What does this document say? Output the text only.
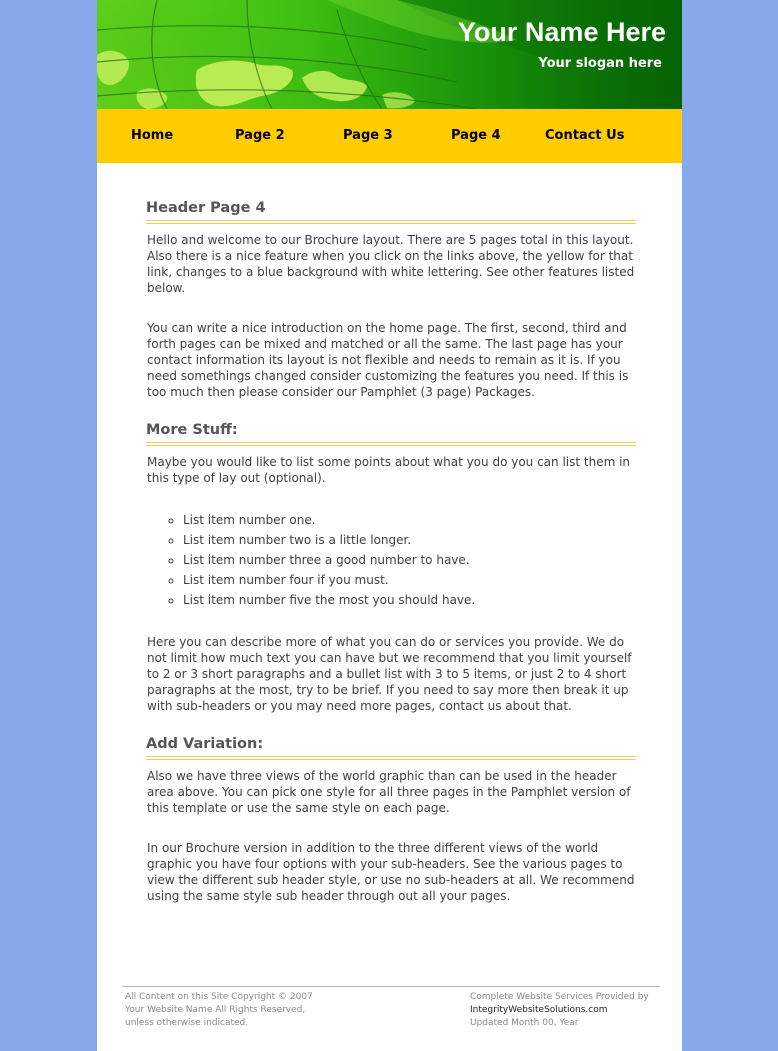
Your Name Here

Your slogan here

Home	Page 2	Page 3	Page 4	Contact Us
Header Page 4

Hello and welcome to our Brochure layout. There are 5 pages total in this layout. Also there is a nice feature when you click on the links above, the yellow for that link, changes to a blue background with white lettering. See other features listed below.

You can write a nice introduction on the home page. The first, second, third and forth pages can be mixed and matched or all the same. The last page has your contact information its layout is not flexible and needs to remain as it is. If you need somethings changed consider customizing the features you need. If this is too much then please consider our Pamphlet (3 page) Packages.

More Stuff:

Maybe you would like to list some points about what you do you can list them in this type of lay out (optional).

◦ List item number one.
◦ List item number two is a little longer.
◦ List item number three a good number to have.
◦ List item number four if you must.
◦ List item number five the most you should have.

Here you can describe more of what you can do or services you provide. We do not limit how much text you can have but we recommend that you limit yourself to 2 or 3 short paragraphs and a bullet list with 3 to 5 items, or just 2 to 4 short paragraphs at the most, try to be brief. If you need to say more then break it up with sub-headers or you may need more pages, contact us about that.

Add Variation:

Also we have three views of the world graphic than can be used in the header area above. You can pick one style for all three pages in the Pamphlet version of this template or use the same style on each page.

In our Brochure version in addition to the three different views of the world graphic you have four options with your sub-headers. See the various pages to view the different sub header style, or use no sub-headers at all. We recommend using the same style sub header through out all your pages.

All Content on this Site Copyright © 2007
Your Website Name All Rights Reserved,
unless otherwise indicated.
Complete Website Services Provided by
IntegrityWebsiteSolutions.com
Updated Month 00, Year
